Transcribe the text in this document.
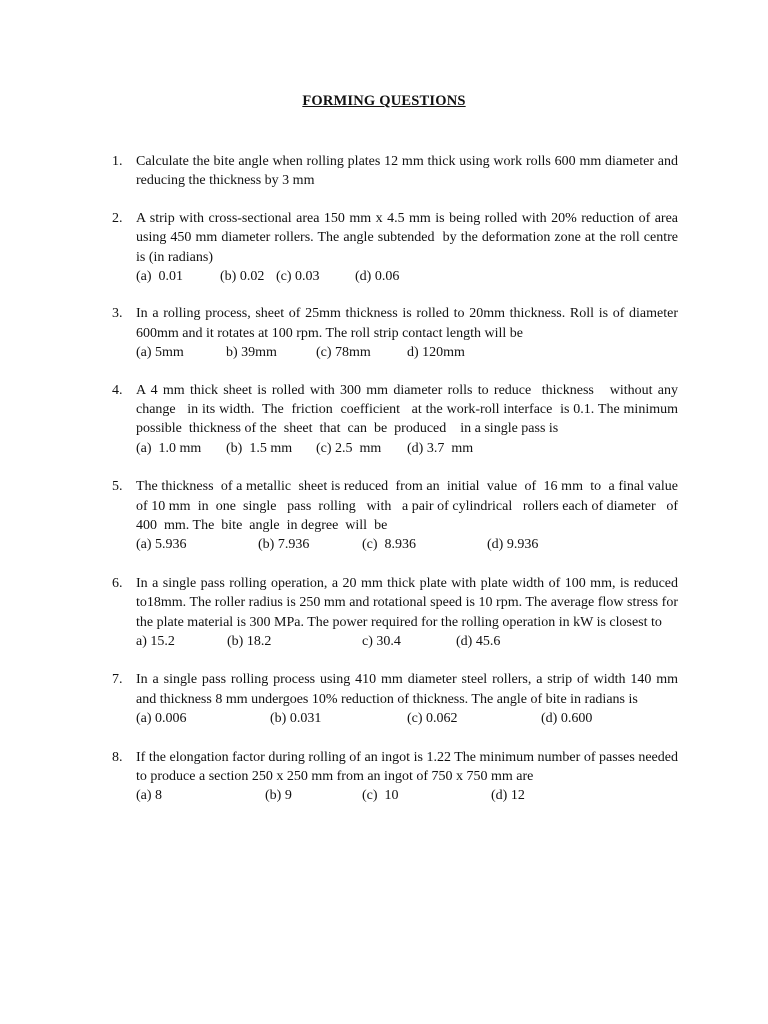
FORMING QUESTIONS
1. Calculate the bite angle when rolling plates 12 mm thick using work rolls 600 mm diameter and reducing the thickness by 3 mm
2. A strip with cross-sectional area 150 mm x 4.5 mm is being rolled with 20% reduction of area using 450 mm diameter rollers. The angle subtended  by the deformation zone at the roll centre is (in radians)
(a)  0.01	(b) 0.02 (c) 0.03	(d) 0.06
3. In a rolling process, sheet of 25mm thickness is rolled to 20mm thickness. Roll is of diameter 600mm and it rotates at 100 rpm. The roll strip contact length will be
(a) 5mm	b) 39mm	(c) 78mm	d) 120mm
4. A 4 mm thick sheet is rolled with 300 mm diameter rolls to reduce  thickness   without any change   in its width.  The  friction  coefficient   at the work-roll interface  is 0.1. The minimum  possible  thickness of the  sheet  that  can  be  produced    in a single pass is
(a)  1.0 mm (b)  1.5 mm (c) 2.5  mm (d) 3.7  mm
5. The thickness  of a metallic  sheet is reduced  from an  initial  value  of  16 mm  to  a final value of 10 mm  in  one  single   pass  rolling   with   a pair of cylindrical   rollers each of diameter   of 400  mm. The  bite  angle  in degree  will  be
(a) 5.936	(b) 7.936	(c)  8.936	(d) 9.936
6. In a single pass rolling operation, a 20 mm thick plate with plate width of 100 mm, is reduced to18mm. The roller radius is 250 mm and rotational speed is 10 rpm. The average flow stress for the plate material is 300 MPa. The power required for the rolling operation in kW is closest to
a) 15.2	(b) 18.2	c) 30.4	(d) 45.6
7. In a single pass rolling process using 410 mm diameter steel rollers, a strip of width 140 mm and thickness 8 mm undergoes 10% reduction of thickness. The angle of bite in radians is
(a) 0.006	(b) 0.031	(c) 0.062	(d) 0.600
8. If the elongation factor during rolling of an ingot is 1.22 The minimum number of passes needed to produce a section 250 x 250 mm from an ingot of 750 x 750 mm are
(a) 8	(b) 9	(c)  10	(d) 12
